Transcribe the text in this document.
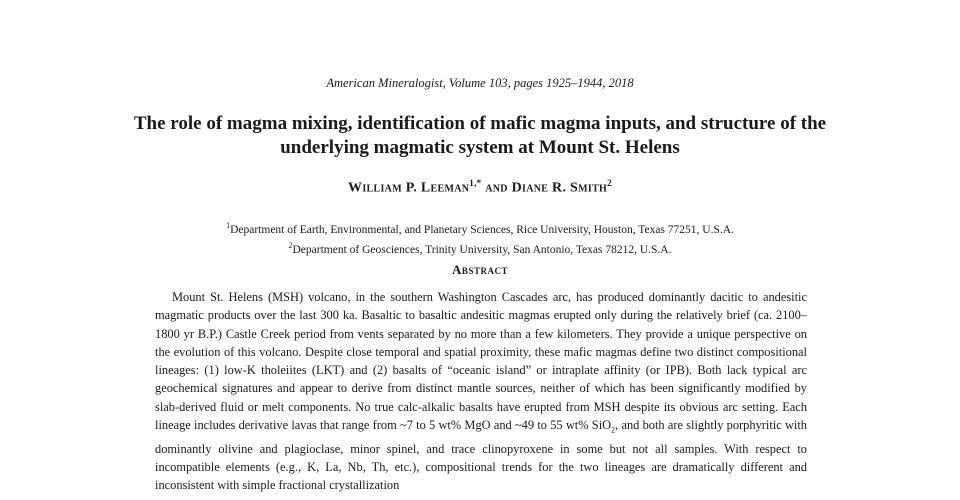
American Mineralogist, Volume 103, pages 1925–1944, 2018
The role of magma mixing, identification of mafic magma inputs, and structure of the
underlying magmatic system at Mount St. Helens
William P. Leeman$^{1,*}$ and Diane R. Smith$^2$
$^1$Department of Earth, Environmental, and Planetary Sciences, Rice University, Houston, Texas 77251, U.S.A.
$^2$Department of Geosciences, Trinity University, San Antonio, Texas 78212, U.S.A.
Abstract

Mount St. Helens (MSH) volcano, in the southern Washington Cascades arc, has produced dominantly dacitic to andesitic magmatic products over the last 300 ka. Basaltic to basaltic andesitic magmas erupted only during the relatively brief (ca. 2100–1800 yr B.P.) Castle Creek period from vents separated by no more than a few kilometers. They provide a unique perspective on the evolution of this volcano. Despite close temporal and spatial proximity, these mafic magmas define two distinct compositional lineages: (1) low-K tholeiites (LKT) and (2) basalts of “oceanic island” or intraplate affinity (or IPB). Both lack typical arc geochemical signatures and appear to derive from distinct mantle sources, neither of which has been significantly modified by slab-derived fluid or melt components. No true calc-alkalic basalts have erupted from MSH despite its obvious arc setting. Each lineage includes derivative lavas that range from ~7 to 5 wt% MgO and ~49 to 55 wt% SiO$_2$, and both are slightly porphyritic with dominantly olivine and plagioclase, minor spinel, and trace clinopyroxene in some but not all samples. With respect to incompatible elements (e.g., K, La, Nb, Th, etc.), compositional trends for the two lineages are dramatically different and inconsistent with simple fractional crystallization
